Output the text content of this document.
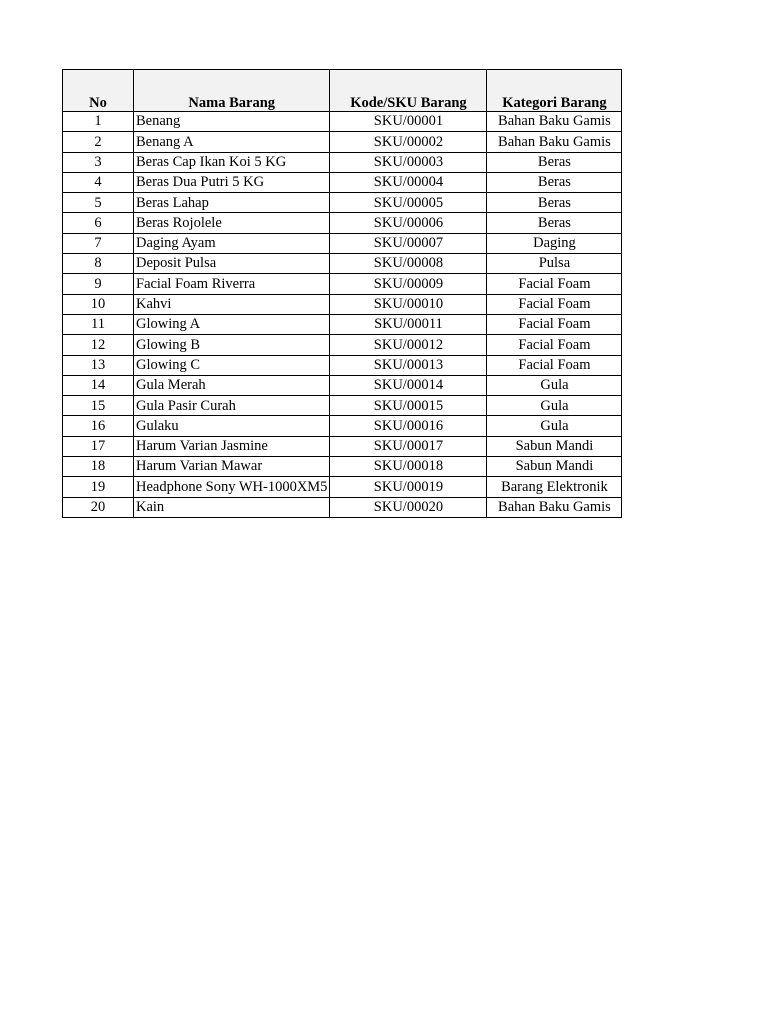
No	Nama Barang	Kode/SKU Barang	Kategori Barang
1	Benang	SKU/00001	Bahan Baku Gamis
2	Benang A	SKU/00002	Bahan Baku Gamis
3	Beras Cap Ikan Koi 5 KG	SKU/00003	Beras
4	Beras Dua Putri 5 KG	SKU/00004	Beras
5	Beras Lahap	SKU/00005	Beras
6	Beras Rojolele	SKU/00006	Beras
7	Daging Ayam	SKU/00007	Daging
8	Deposit Pulsa	SKU/00008	Pulsa
9	Facial Foam Riverra	SKU/00009	Facial Foam
10	Kahvi	SKU/00010	Facial Foam
11	Glowing A	SKU/00011	Facial Foam
12	Glowing B	SKU/00012	Facial Foam
13	Glowing C	SKU/00013	Facial Foam
14	Gula Merah	SKU/00014	Gula
15	Gula Pasir Curah	SKU/00015	Gula
16	Gulaku	SKU/00016	Gula
17	Harum Varian Jasmine	SKU/00017	Sabun Mandi
18	Harum Varian Mawar	SKU/00018	Sabun Mandi
19	Headphone Sony WH-1000XM5	SKU/00019	Barang Elektronik
20	Kain	SKU/00020	Bahan Baku Gamis
